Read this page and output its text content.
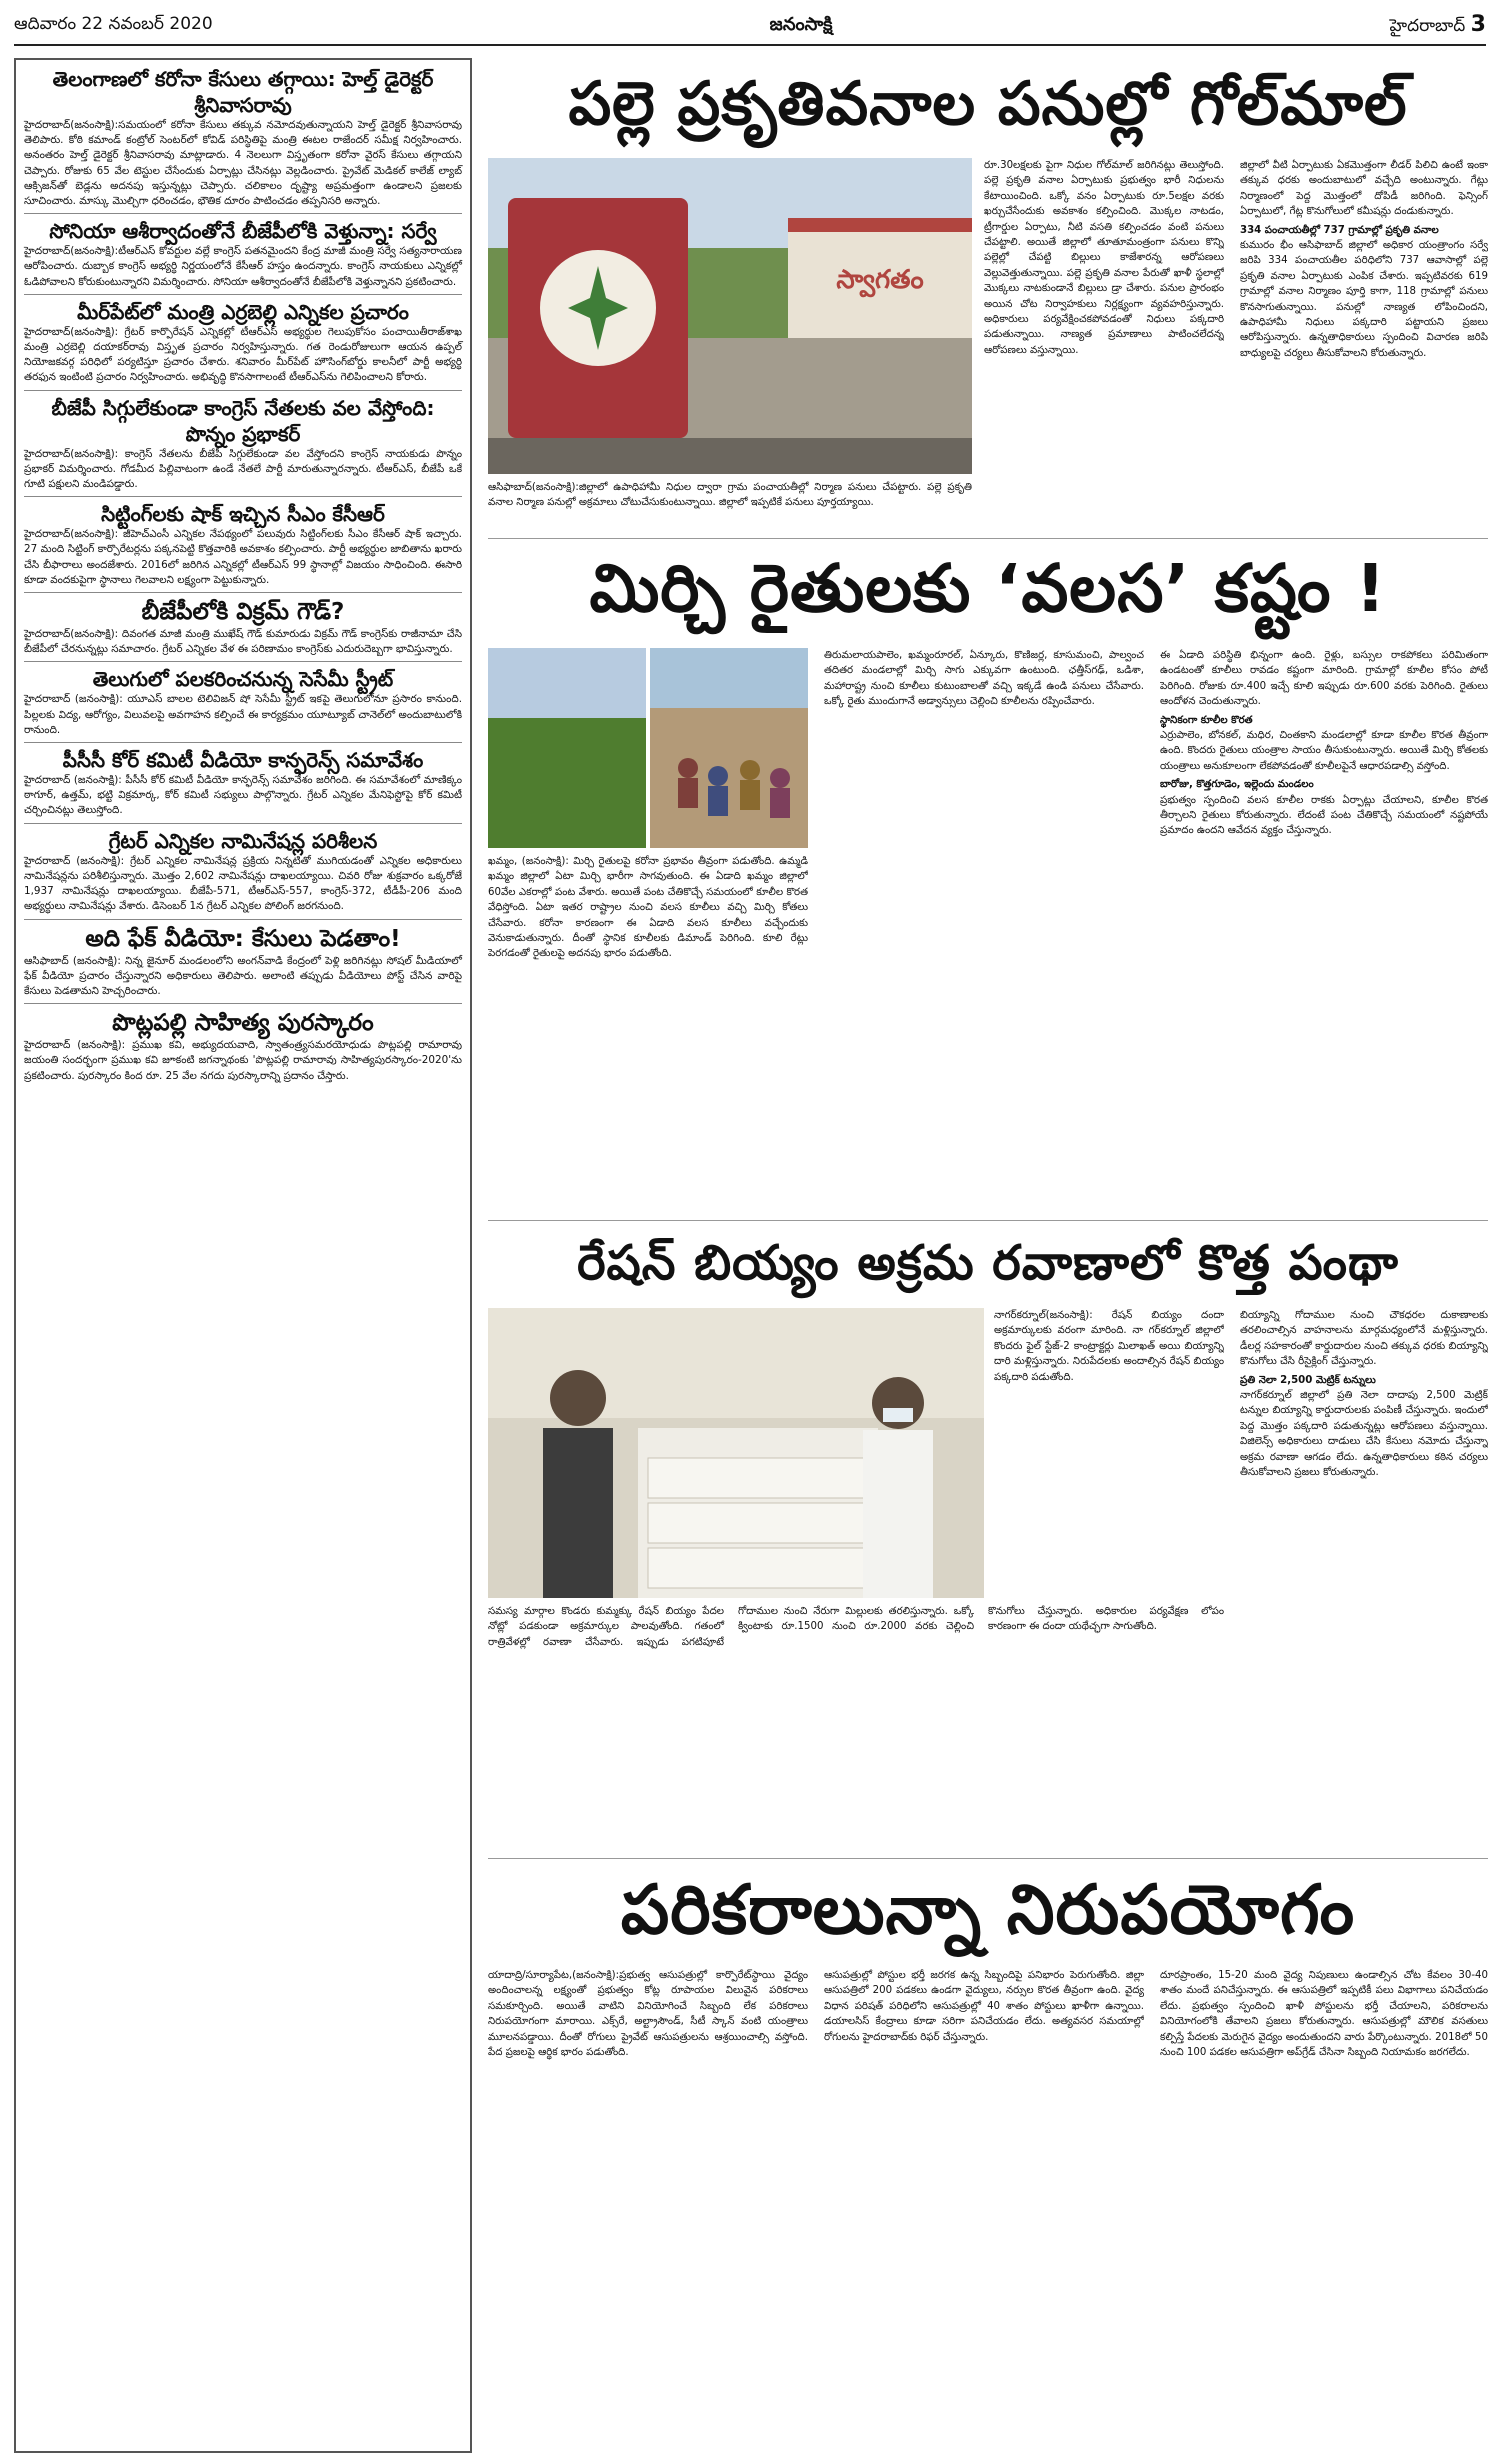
ఆదివారం 22 నవంబర్‌ 2020	జనంసాక్షి	హైదరాబాద్‌ 3
తెలంగాణలో కరోనా కేసులు తగ్గాయి: హెల్త్‌ డైరెక్టర్‌ శ్రీనివాసరావు
హైదరాబాద్‌(జనంసాక్షి):సమయంలో కరోనా కేసులు తక్కువ నమోదవుతున్నాయని హెల్త్‌ డైరెక్టర్‌ శ్రీనివాసరావు తెలిపారు. కోఠి కమాండ్‌ కంట్రోల్‌ సెంటర్‌లో కోవిడ్‌ పరిస్థితిపై మంత్రి ఈటల రాజేందర్‌ సమీక్ష నిర్వహించారు. అనంతరం హెల్త్‌ డైరెక్టర్‌ శ్రీనివాసరావు మాట్లాడారు. 4 నెలలుగా విస్తృతంగా కరోనా వైరస్‌ కేసులు తగ్గాయని చెప్పారు. రోజుకు 65 వేల టెస్టుల చేసేందుకు ఏర్పాట్లు చేసినట్లు వెల్లడించారు. ప్రైవేట్‌ మెడికల్‌ కాలేజ్‌ ల్యాబ్‌ ఆక్సిజన్‌తో బెడ్లను అదనపు ఇస్తున్నట్లు చెప్పారు. చలికాలం దృష్ట్యా అప్రమత్తంగా ఉండాలని ప్రజలకు సూచించారు. మాస్కు మెుల్చిగా ధరించడం, భౌతిక దూరం పాటించడం తప్పనిసరి అన్నారు.
సోనియా ఆశీర్వాదంతోనే బీజేపీలోకి వెళ్తున్నా: సర్వే
హైదరాబాద్‌(జనంసాక్షి):టీఆర్‌ఎస్‌ కోవర్టుల వల్లే కాంగ్రెస్‌ పతనమైందని కేంద్ర మాజీ మంత్రి సర్వే సత్యనారాయణ ఆరోపించారు. దుబ్బాక కాంగ్రెస్‌ అభ్యర్థి నిర్ణయంలోనే కేసీఆర్‌ హస్తం ఉందన్నారు. కాంగ్రెస్‌ నాయకులు ఎన్నికల్లో ఓడిపోవాలని కోరుకుంటున్నారని విమర్శించారు. సోనియా ఆశీర్వాదంతోనే బీజేపీలోకి వెళ్తున్నానని ప్రకటించారు.
మీర్‌పేట్‌లో మంత్రి ఎర్రబెల్లి ఎన్నికల ప్రచారం
హైదరాబాద్‌(జనంసాక్షి): గ్రేటర్‌ కార్పొరేషన్‌ ఎన్నికల్లో టీఆర్‌ఎస్‌ అభ్యర్థుల గెలుపుకోసం పంచాయితీరాజ్‌శాఖ మంత్రి ఎర్రబెల్లి దయాకర్‌రావు విస్తృత ప్రచారం నిర్వహిస్తున్నారు. గత రెండురోజులుగా ఆయన ఉప్పల్‌ నియోజకవర్గ పరిధిలో పర్యటిస్తూ ప్రచారం చేశారు. శనివారం మీర్‌పేట్‌ హౌసింగ్‌బోర్డు కాలనీలో పార్టీ అభ్యర్థి తరఫున ఇంటింటి ప్రచారం నిర్వహించారు. అభివృద్ధి కొనసాగాలంటే టీఆర్‌ఎస్‌ను గెలిపించాలని కోరారు.
బీజేపీ సిగ్గులేకుండా కాంగ్రెస్‌ నేతలకు వల వేస్తోంది: పొన్నం ప్రభాకర్‌
హైదరాబాద్‌(జనంసాక్షి): కాంగ్రెస్‌ నేతలను బీజేపీ సిగ్గులేకుండా వల వేస్తోందని కాంగ్రెస్‌ నాయకుడు పొన్నం ప్రభాకర్‌ విమర్శించారు. గోడమీద పిల్లివాటంగా ఉండే నేతలే పార్టీ మారుతున్నారన్నారు. టీఆర్‌ఎస్‌, బీజేపీ ఒకే గూటి పక్షులని మండిపడ్డారు.
సిట్టింగ్‌లకు షాక్‌ ఇచ్చిన సీఎం కేసీఆర్‌
హైదరాబాద్‌(జనంసాక్షి): జీహెచ్‌ఎంసీ ఎన్నికల నేపథ్యంలో పలువురు సిట్టింగ్‌లకు సీఎం కేసీఆర్‌ షాక్‌ ఇచ్చారు. 27 మంది సిట్టింగ్‌ కార్పొరేటర్లను పక్కనపెట్టి కొత్తవారికి అవకాశం కల్పించారు. పార్టీ అభ్యర్థుల జాబితాను ఖరారు చేసి బీఫారాలు అందజేశారు. 2016లో జరిగిన ఎన్నికల్లో టీఆర్‌ఎస్‌ 99 స్థానాల్లో విజయం సాధించింది. ఈసారి కూడా వందకుపైగా స్థానాలు గెలవాలని లక్ష్యంగా పెట్టుకున్నారు.
బీజేపీలోకి విక్రమ్‌ గౌడ్‌?
హైదరాబాద్‌(జనంసాక్షి): దివంగత మాజీ మంత్రి ముఖేష్‌ గౌడ్‌ కుమారుడు విక్రమ్‌ గౌడ్‌ కాంగ్రెస్‌కు రాజీనామా చేసి బీజేపీలో చేరనున్నట్లు సమాచారం. గ్రేటర్‌ ఎన్నికల వేళ ఈ పరిణామం కాంగ్రెస్‌కు ఎదురుదెబ్బగా భావిస్తున్నారు.
తెలుగులో పలకరించనున్న సెసేమీ స్ట్రీట్‌
హైదరాబాద్‌ (జనంసాక్షి): యూఎస్‌ బాలల టెలివిజన్‌ షో సెసేమీ స్ట్రీట్‌ ఇకపై తెలుగులోనూ ప్రసారం కానుంది. పిల్లలకు విద్య, ఆరోగ్యం, విలువలపై అవగాహన కల్పించే ఈ కార్యక్రమం యూట్యూబ్‌ చానెల్‌లో అందుబాటులోకి రానుంది.
పీసీసీ కోర్‌ కమిటీ వీడియో కాన్ఫరెన్స్‌ సమావేశం
హైదరాబాద్‌ (జనంసాక్షి): పీసీసీ కోర్‌ కమిటీ వీడియో కాన్ఫరెన్స్‌ సమావేశం జరిగింది. ఈ సమావేశంలో మాణిక్కం ఠాగూర్‌, ఉత్తమ్‌, భట్టి విక్రమార్క, కోర్‌ కమిటీ సభ్యులు పాల్గొన్నారు. గ్రేటర్‌ ఎన్నికల మేనిఫెస్టోపై కోర్‌ కమిటీ చర్చించినట్లు తెలుస్తోంది.
గ్రేటర్‌ ఎన్నికల నామినేషన్ల పరిశీలన
హైదరాబాద్‌ (జనంసాక్షి): గ్రేటర్‌ ఎన్నికల నామినేషన్ల ప్రక్రియ నిన్నటితో ముగియడంతో ఎన్నికల అధికారులు నామినేషన్లను పరిశీలిస్తున్నారు. మొత్తం 2,602 నామినేషన్లు దాఖలయ్యాయి. చివరి రోజు శుక్రవారం ఒక్కరోజే 1,937 నామినేషన్లు దాఖలయ్యాయి. బీజేపీ-571, టీఆర్‌ఎస్‌-557, కాంగ్రెస్‌-372, టీడీపీ-206 మంది అభ్యర్థులు నామినేషన్లు వేశారు. డిసెంబర్‌ 1న గ్రేటర్‌ ఎన్నికల పోలింగ్‌ జరగనుంది.
అది ఫేక్‌ వీడియో: కేసులు పెడతాం!
ఆసిఫాబాద్‌ (జనంసాక్షి): నిన్న జైనూర్‌ మండలంలోని అంగన్‌వాడి కేంద్రంలో పెళ్లి జరిగినట్లు సోషల్‌ మీడియాలో ఫేక్‌ వీడియో ప్రచారం చేస్తున్నారని అధికారులు తెలిపారు. అలాంటి తప్పుడు వీడియోలు పోస్ట్‌ చేసిన వారిపై కేసులు పెడతామని హెచ్చరించారు.
పొట్లపల్లి సాహిత్య పురస్కారం
హైదరాబాద్‌ (జనంసాక్షి): ప్రముఖ కవి, అభ్యుదయవాది, స్వాతంత్ర్యసమరయోధుడు పొట్లపల్లి రామారావు జయంతి సందర్భంగా ప్రముఖ కవి జూకంటి జగన్నాథంకు 'పొట్లపల్లి రామారావు సాహిత్యపురస్కారం-2020'ను ప్రకటించారు. పురస్కారం కింద రూ. 25 వేల నగదు పురస్కారాన్ని ప్రదానం చేస్తారు.
పల్లె ప్రకృతివనాల పనుల్లో గోల్‌మాల్‌
స్వాగతం
ఆసిఫాబాద్‌(జనంసాక్షి):జిల్లాలో ఉపాధిహామీ నిధుల ద్వారా గ్రామ పంచాయతీల్లో నిర్మాణ పనులు చేపట్టారు. పల్లె ప్రకృతి వనాల నిర్మాణ పనుల్లో అక్రమాలు చోటుచేసుకుంటున్నాయి. జిల్లాలో ఇప్పటికే పనులు పూర్తయ్యాయి.
రూ.30లక్షలకు పైగా నిధుల గోల్‌మాల్‌ జరిగినట్లు తెలుస్తోంది. పల్లె ప్రకృతి వనాల ఏర్పాటుకు ప్రభుత్వం భారీ నిధులను కేటాయించింది. ఒక్కో వనం ఏర్పాటుకు రూ.5లక్షల వరకు ఖర్చుచేసేందుకు అవకాశం కల్పించింది. మొక్కల నాటడం, ట్రీగార్డుల ఏర్పాటు, నీటి వసతి కల్పించడం వంటి పనులు చేపట్టాలి. అయితే జిల్లాలో తూతూమంత్రంగా పనులు కొన్ని పల్లెల్లో చేపట్టి బిల్లులు కాజేశారన్న ఆరోపణలు వెల్లువెత్తుతున్నాయి. పల్లె ప్రకృతి వనాల పేరుతో ఖాళీ స్థలాల్లో మొక్కలు నాటకుండానే బిల్లులు డ్రా చేశారు. పనుల ప్రారంభం అయిన చోట నిర్వాహకులు నిర్లక్ష్యంగా వ్యవహరిస్తున్నారు. అధికారులు పర్యవేక్షించకపోవడంతో నిధులు పక్కదారి పడుతున్నాయి. నాణ్యత ప్రమాణాలు పాటించలేదన్న ఆరోపణలు వస్తున్నాయి.
జిల్లాలో వీటి ఏర్పాటుకు ఏకమొత్తంగా లీడర్‌ పిలిచి ఉంటే ఇంకా తక్కువ ధరకు అందుబాటులో వచ్చేది అంటున్నారు. గేట్లు నిర్మాణంలో పెద్ద మొత్తంలో దోపిడీ జరిగింది. ఫెన్సింగ్‌ ఏర్పాటులో, గేట్ల కొనుగోలులో కమీషన్లు దండుకున్నారు.
334 పంచాయతీల్లో 737 గ్రామాల్లో ప్రకృతి వనాల
కుమురం భీం ఆసిఫాబాద్‌ జిల్లాలో అధికార యంత్రాంగం సర్వే జరిపి 334 పంచాయతీల పరిధిలోని 737 ఆవాసాల్లో పల్లె ప్రకృతి వనాల ఏర్పాటుకు ఎంపిక చేశారు. ఇప్పటివరకు 619 గ్రామాల్లో వనాల నిర్మాణం పూర్తి కాగా, 118 గ్రామాల్లో పనులు కొనసాగుతున్నాయి. పనుల్లో నాణ్యత లోపించిందని, ఉపాధిహామీ నిధులు పక్కదారి పట్టాయని ప్రజలు ఆరోపిస్తున్నారు. ఉన్నతాధికారులు స్పందించి విచారణ జరిపి బాధ్యులపై చర్యలు తీసుకోవాలని కోరుతున్నారు.
మిర్చి రైతులకు ‘వలస’ కష్టం !
ఖమ్మం, (జనంసాక్షి): మిర్చి రైతులపై కరోనా ప్రభావం తీవ్రంగా పడుతోంది. ఉమ్మడి ఖమ్మం జిల్లాలో ఏటా మిర్చి భారీగా సాగవుతుంది. ఈ ఏడాది ఖమ్మం జిల్లాలో 60వేల ఎకరాల్లో పంట వేశారు. అయితే పంట చేతికొచ్చే సమయంలో కూలీల కొరత వేధిస్తోంది. ఏటా ఇతర రాష్ట్రాల నుంచి వలస కూలీలు వచ్చి మిర్చి కోతలు చేసేవారు. కరోనా కారణంగా ఈ ఏడాది వలస కూలీలు వచ్చేందుకు వెనుకాడుతున్నారు. దీంతో స్థానిక కూలీలకు డిమాండ్‌ పెరిగింది. కూలి రేట్లు పెరగడంతో రైతులపై అదనపు భారం పడుతోంది.
తిరుమలాయపాలెం, ఖమ్మంరూరల్‌, ఏన్కూరు, కొణిజర్ల, కూసుమంచి, పాల్వంచ తదితర మండలాల్లో మిర్చి సాగు ఎక్కువగా ఉంటుంది. ఛత్తీస్‌గఢ్‌, ఒడిశా, మహారాష్ట్ర నుంచి కూలీలు కుటుంబాలతో వచ్చి ఇక్కడే ఉండి పనులు చేసేవారు. ఒక్కో రైతు ముందుగానే అడ్వాన్సులు చెల్లించి కూలీలను రప్పించేవారు.
ఈ ఏడాది పరిస్థితి భిన్నంగా ఉంది. రైళ్లు, బస్సుల రాకపోకలు పరిమితంగా ఉండటంతో కూలీలు రావడం కష్టంగా మారింది. గ్రామాల్లో కూలీల కోసం పోటీ పెరిగింది. రోజుకు రూ.400 ఇచ్చే కూలి ఇప్పుడు రూ.600 వరకు పెరిగింది. రైతులు ఆందోళన చెందుతున్నారు.
స్థానికంగా కూలీల కొరత
ఎర్రుపాలెం, బోనకల్‌, మధిర, చింతకాని మండలాల్లో కూడా కూలీల కొరత తీవ్రంగా ఉంది. కొందరు రైతులు యంత్రాల సాయం తీసుకుంటున్నారు. అయితే మిర్చి కోతలకు యంత్రాలు అనుకూలంగా లేకపోవడంతో కూలీలపైనే ఆధారపడాల్సి వస్తోంది.
బారోజు, కొత్తగూడెం, ఇల్లెందు మండలం
ప్రభుత్వం స్పందించి వలస కూలీల రాకకు ఏర్పాట్లు చేయాలని, కూలీల కొరత తీర్చాలని రైతులు కోరుతున్నారు. లేదంటే పంట చేతికొచ్చే సమయంలో నష్టపోయే ప్రమాదం ఉందని ఆవేదన వ్యక్తం చేస్తున్నారు.
రేషన్‌ బియ్యం అక్రమ రవాణాలో కొత్త పంథా
నాగర్‌కర్నూల్‌(జనంసాక్షి): రేషన్‌ బియ్యం దందా అక్రమార్కులకు వరంగా మారింది. నా గర్‌కర్నూల్‌ జిల్లాలో కొందరు ఫైల్‌ స్టేజ్‌-2 కాంట్రాక్టర్లు మిలాఖత్‌ అయి బియ్యాన్ని దారి మళ్లిస్తున్నారు. నిరుపేదలకు అందాల్సిన రేషన్‌ బియ్యం పక్కదారి పడుతోంది.
సమస్య మార్గాల కొండరు కుమ్మక్కు రేషన్‌ బియ్యం పేదల నోట్లో పడకుండా అక్రమార్కుల పాలవుతోంది. గతంలో రాత్రివేళల్లో రవాణా చేసేవారు. ఇప్పుడు పగటిపూటే గోదాముల నుంచి నేరుగా మిల్లులకు తరలిస్తున్నారు. ఒక్కో క్వింటాకు రూ.1500 నుంచి రూ.2000 వరకు చెల్లించి కొనుగోలు చేస్తున్నారు. అధికారుల పర్యవేక్షణ లోపం కారణంగా ఈ దందా యథేచ్ఛగా సాగుతోంది.
బియ్యాన్ని గోదాముల నుంచి చౌకధరల దుకాణాలకు తరలించాల్సిన వాహనాలను మార్గమధ్యంలోనే మళ్లిస్తున్నారు. డీలర్ల సహకారంతో కార్డుదారుల నుంచి తక్కువ ధరకు బియ్యాన్ని కొనుగోలు చేసి రీసైక్లింగ్‌ చేస్తున్నారు.
ప్రతి నెలా 2,500 మెట్రిక్‌ టన్నులు
నాగర్‌కర్నూల్‌ జిల్లాలో ప్రతి నెలా దాదాపు 2,500 మెట్రిక్‌ టన్నుల బియ్యాన్ని కార్డుదారులకు పంపిణీ చేస్తున్నారు. ఇందులో పెద్ద మొత్తం పక్కదారి పడుతున్నట్లు ఆరోపణలు వస్తున్నాయి. విజిలెన్స్‌ అధికారులు దాడులు చేసి కేసులు నమోదు చేస్తున్నా అక్రమ రవాణా ఆగడం లేదు. ఉన్నతాధికారులు కఠిన చర్యలు తీసుకోవాలని ప్రజలు కోరుతున్నారు.
పరికరాలున్నా నిరుపయోగం
యాదాద్రి/సూర్యాపేట,(జనంసాక్షి):ప్రభుత్వ ఆసుపత్రుల్లో కార్పొరేట్‌స్థాయి వైద్యం అందించాలన్న లక్ష్యంతో ప్రభుత్వం కోట్ల రూపాయల విలువైన పరికరాలు సమకూర్చింది. అయితే వాటిని వినియోగించే సిబ్బంది లేక పరికరాలు నిరుపయోగంగా మారాయి. ఎక్స్‌రే, అల్ట్రాసౌండ్‌, సీటీ స్కాన్‌ వంటి యంత్రాలు మూలనపడ్డాయి. దీంతో రోగులు ప్రైవేట్‌ ఆసుపత్రులను ఆశ్రయించాల్సి వస్తోంది. పేద ప్రజలపై ఆర్థిక భారం పడుతోంది.
ఆసుపత్రుల్లో పోస్టుల భర్తీ జరగక ఉన్న సిబ్బందిపై పనిభారం పెరుగుతోంది. జిల్లా ఆసుపత్రిలో 200 పడకలు ఉండగా వైద్యులు, నర్సుల కొరత తీవ్రంగా ఉంది. వైద్య విధాన పరిషత్‌ పరిధిలోని ఆసుపత్రుల్లో 40 శాతం పోస్టులు ఖాళీగా ఉన్నాయి. డయాలసిస్‌ కేంద్రాలు కూడా సరిగా పనిచేయడం లేదు. అత్యవసర సమయాల్లో రోగులను హైదరాబాద్‌కు రిఫర్‌ చేస్తున్నారు.
దూరప్రాంతం, 15-20 మంది వైద్య నిపుణులు ఉండాల్సిన చోట కేవలం 30-40 శాతం మందే పనిచేస్తున్నారు. ఈ ఆసుపత్రిలో ఇప్పటికీ పలు విభాగాలు పనిచేయడం లేదు. ప్రభుత్వం స్పందించి ఖాళీ పోస్టులను భర్తీ చేయాలని, పరికరాలను వినియోగంలోకి తేవాలని ప్రజలు కోరుతున్నారు. ఆసుపత్రుల్లో మౌలిక వసతులు కల్పిస్తే పేదలకు మెరుగైన వైద్యం అందుతుందని వారు పేర్కొంటున్నారు. 2018లో 50 నుంచి 100 పడకల ఆసుపత్రిగా అప్‌గ్రేడ్‌ చేసినా సిబ్బంది నియామకం జరగలేదు.
